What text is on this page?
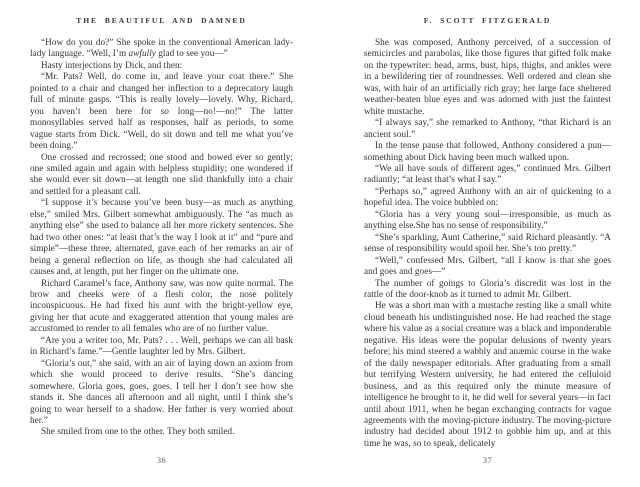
THE BEAUTIFUL AND DAMNED

“How do you do?” She spoke in the conventional American lady-lady language. “Well, I’m awfully glad to see you—”

Hasty interjections by Dick, and then:

“Mr. Pats? Well, do come in, and leave your coat there.” She pointed to a chair and changed her inflection to a deprecatory laugh full of minute gasps. “This is really lovely—lovely. Why, Richard, you haven’t been here for so long—no!—no!” The latter monosyllables served half as responses, half as periods, to some vague starts from Dick. “Well, do sit down and tell me what you’ve been doing.”

One crossed and recrossed; one stood and bowed ever so gently; one smiled again and again with helpless stupidity; one wondered if she would ever sit down—at length one slid thankfully into a chair and settled for a pleasant call.

“I suppose it’s because you’ve been busy—as much as anything else,” smiled Mrs. Gilbert somewhat ambiguously. The “as much as anything else” she used to balance all her more rickety sentences. She had two other ones: “at least that’s the way I look at it” and “pure and simple”—these three, alternated, gave each of her remarks an air of being a general reflection on life, as though she had calculated all causes and, at length, put her finger on the ultimate one.

Richard Caramel’s face, Anthony saw, was now quite normal. The brow and cheeks were of a flesh color, the nose politely inconspicuous. He had fixed his aunt with the bright-yellow eye, giving her that acute and exaggerated attention that young males are accustomed to render to all females who are of no further value.

“Are you a writer too, Mr. Pats? . . . Well, perhaps we can all bask in Richard’s fame.”—Gentle laughter led by Mrs. Gilbert.

“Gloria’s out,” she said, with an air of laying down an axiom from which she would proceed to derive results. “She’s dancing somewhere. Gloria goes, goes, goes. I tell her I don’t see how she stands it. She dances all afternoon and all night, until I think she’s going to wear herself to a shadow. Her father is very worried about her.”

She smiled from one to the other. They both smiled.

36
F. SCOTT FITZGERALD

She was composed, Anthony perceived, of a succession of semicircles and parabolas, like those figures that gifted folk make on the typewriter: head, arms, bust, hips, thighs, and ankles were in a bewildering tier of roundnesses. Well ordered and clean she was, with hair of an artificially rich gray; her large face sheltered weather-beaten blue eyes and was adorned with just the faintest white mustache.

“I always say,” she remarked to Anthony, “that Richard is an ancient soul.”

In the tense pause that followed, Anthony considered a pun—something about Dick having been much walked upon.

“We all have souls of different ages,” continued Mrs. Gilbert radiantly; “at least that’s what I say.”

“Perhaps so,” agreed Anthony with an air of quickening to a hopeful idea. The voice bubbled on:

“Gloria has a very young soul—irresponsible, as much as anything else.She has no sense of responsibility.”

“She’s sparkling, Aunt Catherine,” said Richard pleasantly. “A sense of responsibility would spoil her. She’s too pretty.”

“Well,” confessed Mrs. Gilbert, “all I know is that she goes and goes and goes—”

The number of goings to Gloria’s discredit was lost in the rattle of the door-knob as it turned to admit Mr. Gilbert.

He was a short man with a mustache resting like a small white cloud beneath his undistinguished nose. He had reached the stage where his value as a social creature was a black and imponderable negative. His ideas were the popular delusions of twenty years before; his mind steered a wabbly and anæmic course in the wake of the daily newspaper editorials. After graduating from a small but terrifying Western university, he had entered the celluloid business, and as this required only the minute measure of intelligence he brought to it, he did well for several years—in fact until about 1911, when he began exchanging contracts for vague agreements with the moving-picture industry. The moving-picture industry had decided about 1912 to gobble him up, and at this time he was, so to speak, delicately

37
